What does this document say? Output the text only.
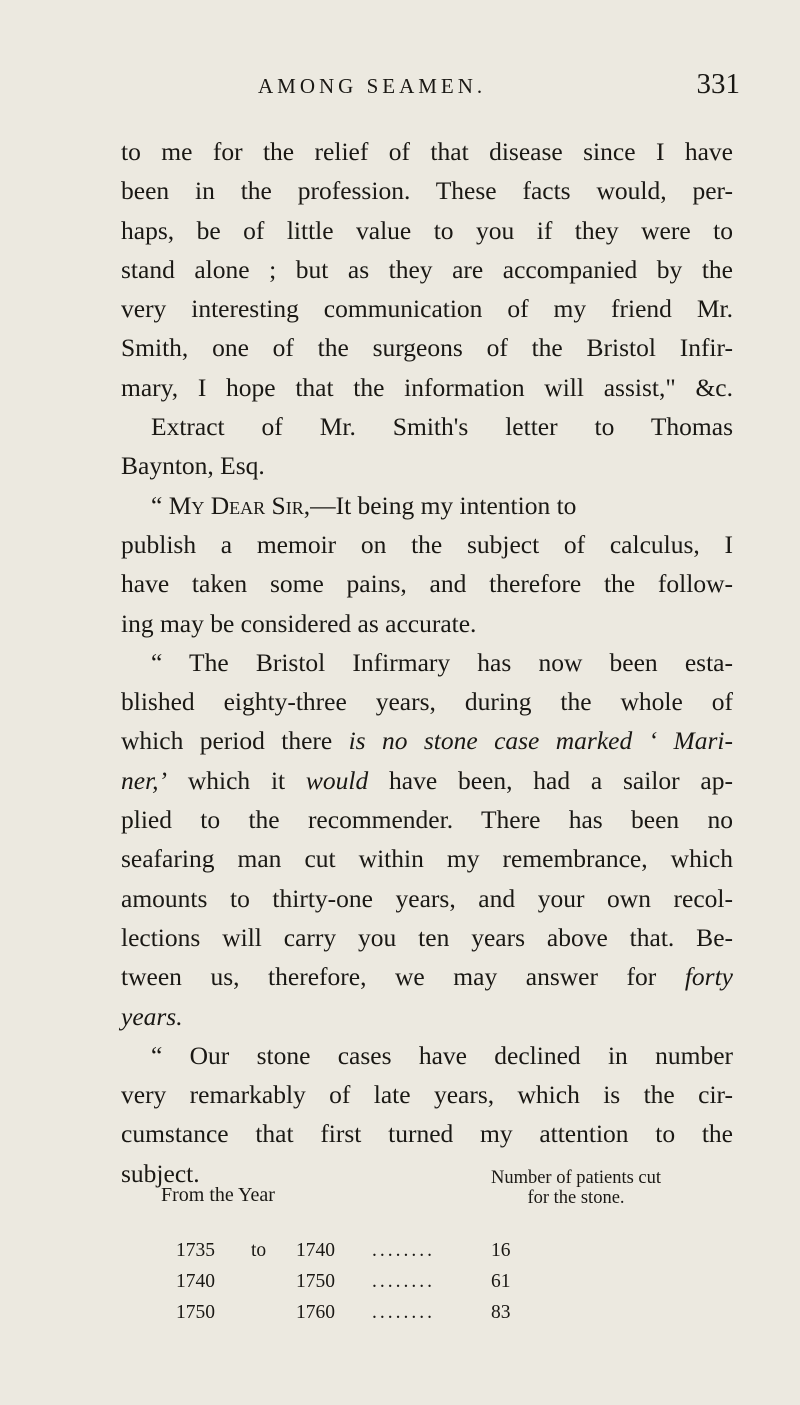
AMONG SEAMEN.	331
to me for the relief of that disease since I have
been in the profession. These facts would, per-
haps, be of little value to you if they were to
stand alone ; but as they are accompanied by the
very interesting communication of my friend Mr.
Smith, one of the surgeons of the Bristol Infir-
mary, I hope that the information will assist," &c.
Extract of Mr. Smith's letter to Thomas
Baynton, Esq.
“ My Dear Sir,—It being my intention to
publish a memoir on the subject of calculus, I
have taken some pains, and therefore the follow-
ing may be considered as accurate.
“ The Bristol Infirmary has now been esta-
blished eighty-three years, during the whole of
which period there is no stone case marked ‘ Mari-
ner,’ which it would have been, had a sailor ap-
plied to the recommender. There has been no
seafaring man cut within my remembrance, which
amounts to thirty-one years, and your own recol-
lections will carry you ten years above that. Be-
tween us, therefore, we may answer for forty
years.
“ Our stone cases have declined in number
very remarkably of late years, which is the cir-
cumstance that first turned my attention to the
subject.
From the Year
Number of patients cut
for the stone.
1735 to 1740 ........	16
1740	1750 ........	61
1750	1760 ........	83
